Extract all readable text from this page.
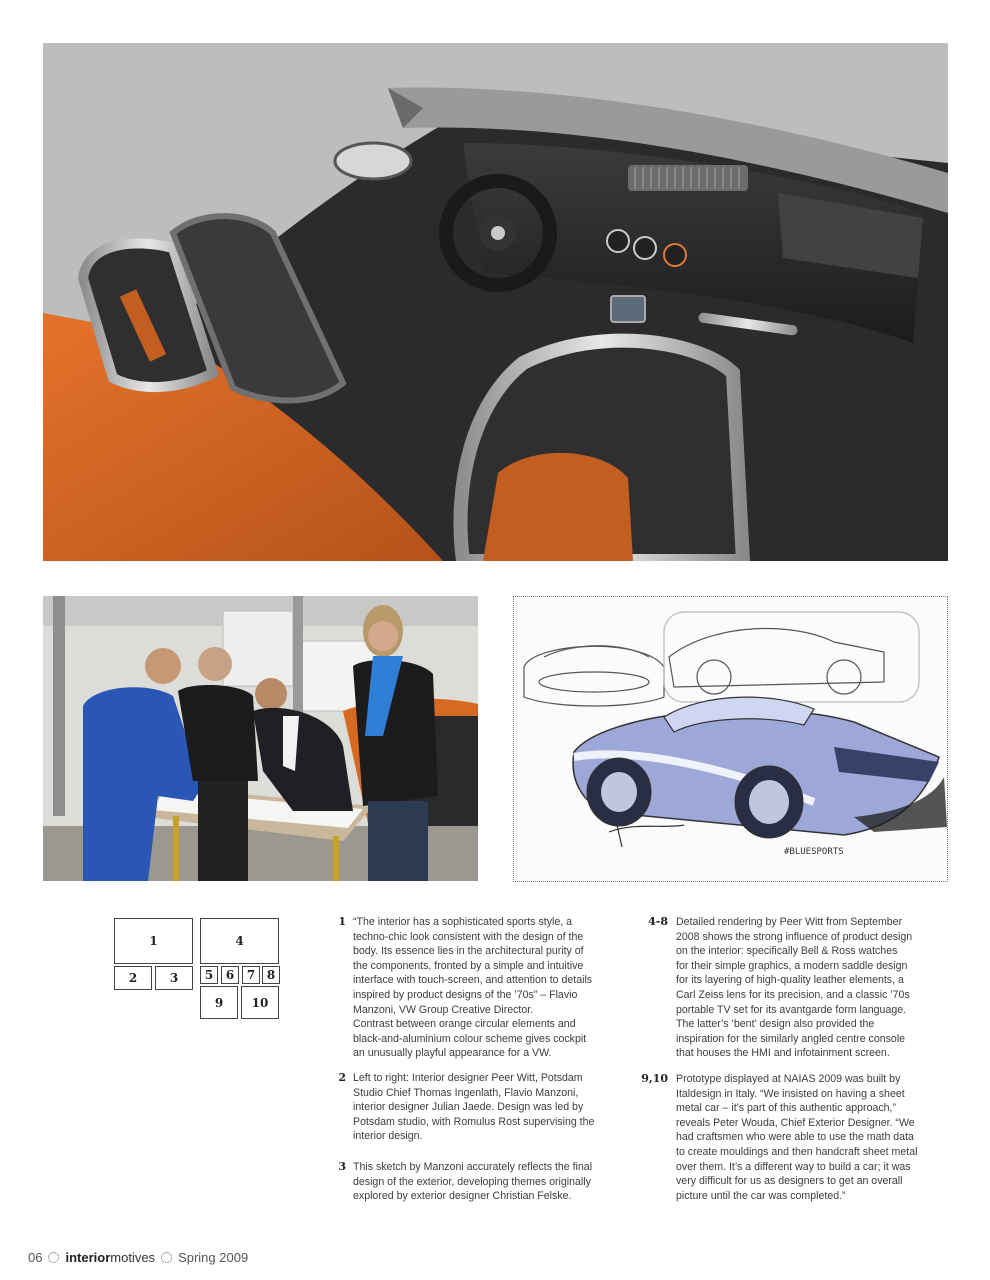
#BLUESPORTS
1	4
2	3	5	6	7 8
9	10
1 “The interior has a sophisticated sports style, a
techno-chic look consistent with the design of the
body. Its essence lies in the architectural purity of
the components, fronted by a simple and intuitive
interface with touch-screen, and attention to details
inspired by product designs of the ’70s” – Flavio
Manzoni, VW Group Creative Director.
Contrast between orange circular elements and
black-and-aluminium colour scheme gives cockpit
an unusually playful appearance for a VW.
2 Left to right: Interior designer Peer Witt, Potsdam
Studio Chief Thomas Ingenlath, Flavio Manzoni,
interior designer Julian Jaede. Design was led by
Potsdam studio, with Romulus Rost supervising the
interior design.
3 This sketch by Manzoni accurately reflects the final
design of the exterior, developing themes originally
explored by exterior designer Christian Felske.
4-8 Detailed rendering by Peer Witt from September
2008 shows the strong influence of product design
on the interior: specifically Bell & Ross watches
for their simple graphics, a modern saddle design
for its layering of high-quality leather elements, a
Carl Zeiss lens for its precision, and a classic ’70s
portable TV set for its avantgarde form language.
The latter’s ‘bent’ design also provided the
inspiration for the similarly angled centre console
that houses the HMI and infotainment screen.
9,10 Prototype displayed at NAIAS 2009 was built by
Italdesign in Italy. “We insisted on having a sheet
metal car – it’s part of this authentic approach,”
reveals Peter Wouda, Chief Exterior Designer. “We
had craftsmen who were able to use the math data
to create mouldings and then handcraft sheet metal
over them. It’s a different way to build a car; it was
very difficult for us as designers to get an overall
picture until the car was completed.”
06 interiormotives Spring 2009
